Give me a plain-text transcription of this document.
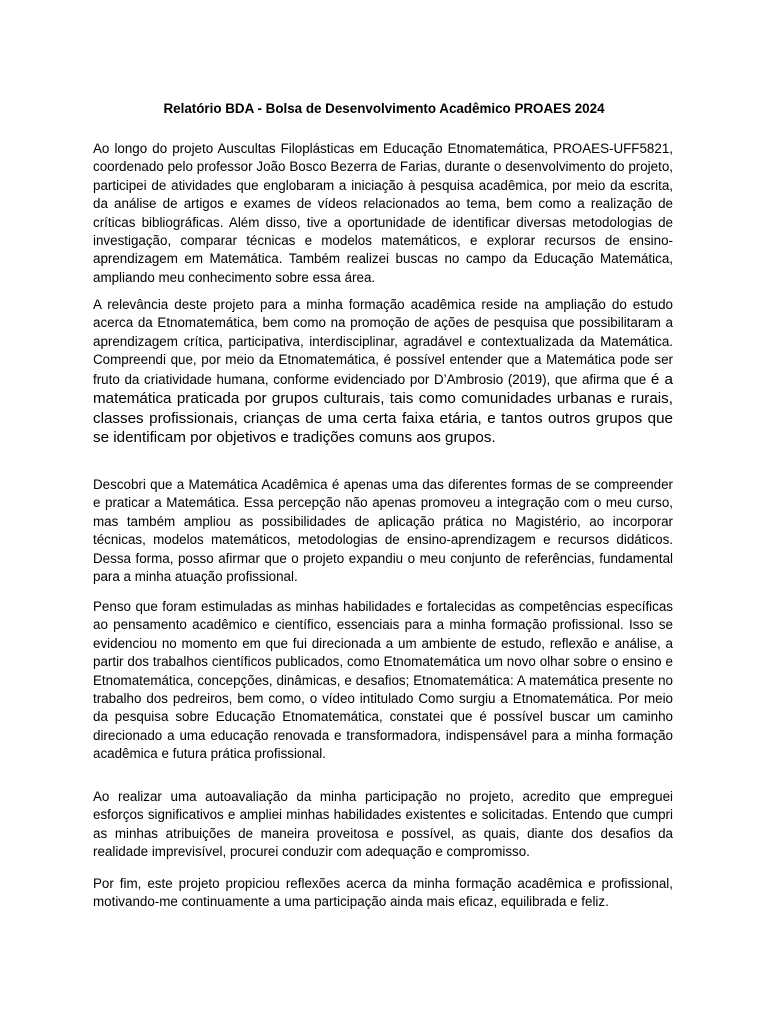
Relatório BDA - Bolsa de Desenvolvimento Acadêmico PROAES 2024

Ao longo do projeto Auscultas Filoplásticas em Educação Etnomatemática, PROAES-UFF5821, coordenado pelo professor João Bosco Bezerra de Farias, durante o desenvolvimento do projeto, participei de atividades que englobaram a iniciação à pesquisa acadêmica, por meio da escrita, da análise de artigos e exames de vídeos relacionados ao tema, bem como a realização de críticas bibliográficas. Além disso, tive a oportunidade de identificar diversas metodologias de investigação, comparar técnicas e modelos matemáticos, e explorar recursos de ensino-aprendizagem em Matemática. Também realizei buscas no campo da Educação Matemática, ampliando meu conhecimento sobre essa área.

A relevância deste projeto para a minha formação acadêmica reside na ampliação do estudo acerca da Etnomatemática, bem como na promoção de ações de pesquisa que possibilitaram a aprendizagem crítica, participativa, interdisciplinar, agradável e contextualizada da Matemática. Compreendi que, por meio da Etnomatemática, é possível entender que a Matemática pode ser fruto da criatividade humana, conforme evidenciado por D’Ambrosio (2019), que afirma que é a matemática praticada por grupos culturais, tais como comunidades urbanas e rurais, classes profissionais, crianças de uma certa faixa etária, e tantos outros grupos que se identificam por objetivos e tradições comuns aos grupos.

Descobri que a Matemática Acadêmica é apenas uma das diferentes formas de se compreender e praticar a Matemática. Essa percepção não apenas promoveu a integração com o meu curso, mas também ampliou as possibilidades de aplicação prática no Magistério, ao incorporar técnicas, modelos matemáticos, metodologias de ensino-aprendizagem e recursos didáticos. Dessa forma, posso afirmar que o projeto expandiu o meu conjunto de referências, fundamental para a minha atuação profissional.

Penso que foram estimuladas as minhas habilidades e fortalecidas as competências específicas ao pensamento acadêmico e científico, essenciais para a minha formação profissional. Isso se evidenciou no momento em que fui direcionada a um ambiente de estudo, reflexão e análise, a partir dos trabalhos científicos publicados, como Etnomatemática um novo olhar sobre o ensino e Etnomatemática, concepções, dinâmicas, e desafios; Etnomatemática: A matemática presente no trabalho dos pedreiros, bem como, o vídeo intitulado Como surgiu a Etnomatemática. Por meio da pesquisa sobre Educação Etnomatemática, constatei que é possível buscar um caminho direcionado a uma educação renovada e transformadora, indispensável para a minha formação acadêmica e futura prática profissional.

Ao realizar uma autoavaliação da minha participação no projeto, acredito que empreguei esforços significativos e ampliei minhas habilidades existentes e solicitadas. Entendo que cumpri as minhas atribuições de maneira proveitosa e possível, as quais, diante dos desafios da realidade imprevisível, procurei conduzir com adequação e compromisso.

Por fim, este projeto propiciou reflexões acerca da minha formação acadêmica e profissional, motivando-me continuamente a uma participação ainda mais eficaz, equilibrada e feliz.
